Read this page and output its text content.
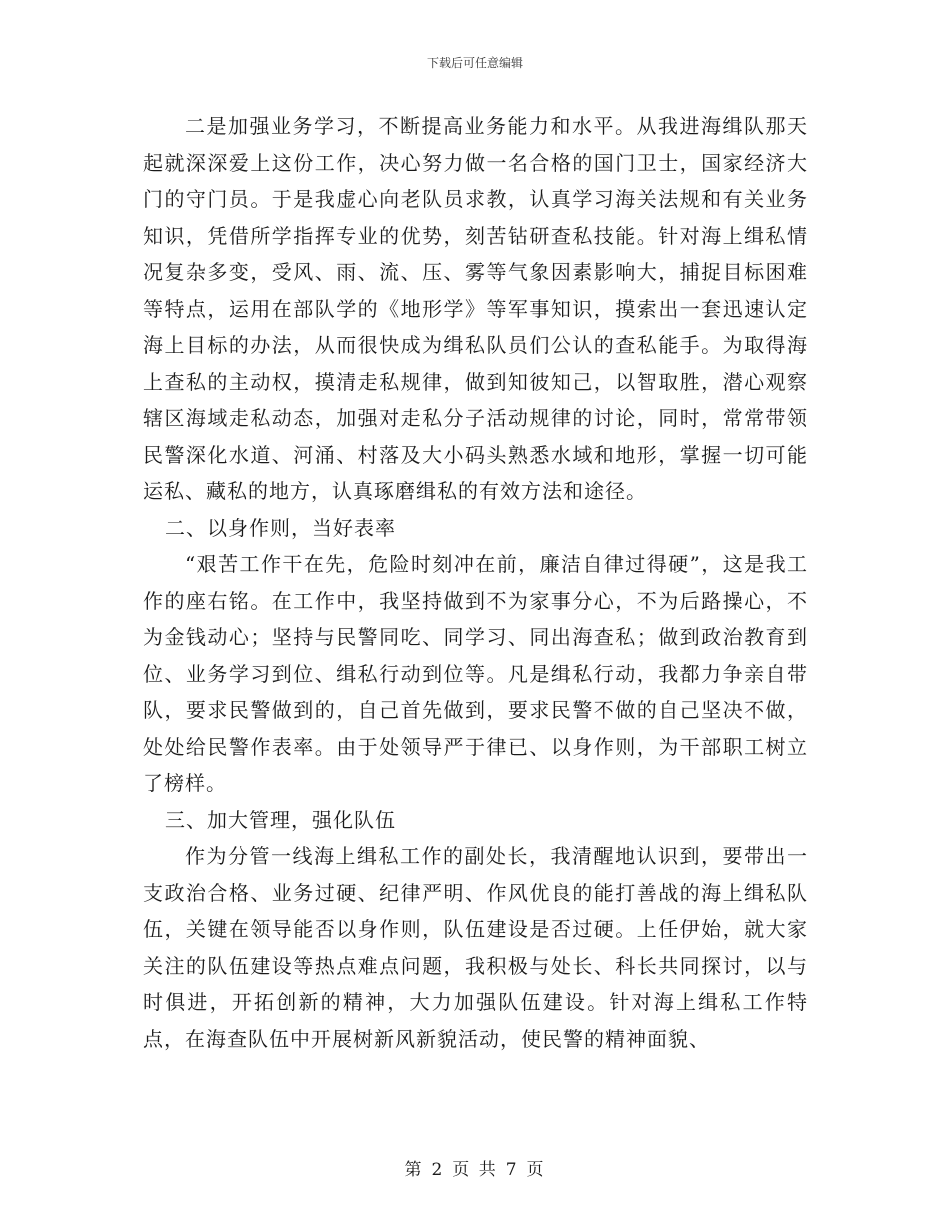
下载后可任意编辑

二是加强业务学习，不断提高业务能力和水平。从我进海缉队那天起就深深爱上这份工作，决心努力做一名合格的国门卫士，国家经济大门的守门员。于是我虚心向老队员求教，认真学习海关法规和有关业务知识，凭借所学指挥专业的优势，刻苦钻研查私技能。针对海上缉私情况复杂多变，受风、雨、流、压、雾等气象因素影响大，捕捉目标困难等特点，运用在部队学的《地形学》等军事知识，摸索出一套迅速认定海上目标的办法，从而很快成为缉私队员们公认的查私能手。为取得海上查私的主动权，摸清走私规律，做到知彼知己，以智取胜，潜心观察辖区海域走私动态，加强对走私分子活动规律的讨论，同时，常常带领民警深化水道、河涌、村落及大小码头熟悉水域和地形，掌握一切可能运私、藏私的地方，认真琢磨缉私的有效方法和途径。

二、以身作则，当好表率

“艰苦工作干在先，危险时刻冲在前，廉洁自律过得硬”，这是我工作的座右铭。在工作中，我坚持做到不为家事分心，不为后路操心，不为金钱动心；坚持与民警同吃、同学习、同出海查私；做到政治教育到位、业务学习到位、缉私行动到位等。凡是缉私行动，我都力争亲自带队，要求民警做到的，自己首先做到，要求民警不做的自己坚决不做，处处给民警作表率。由于处领导严于律已、以身作则，为干部职工树立了榜样。

三、加大管理，强化队伍

作为分管一线海上缉私工作的副处长，我清醒地认识到，要带出一支政治合格、业务过硬、纪律严明、作风优良的能打善战的海上缉私队伍，关键在领导能否以身作则，队伍建设是否过硬。上任伊始，就大家关注的队伍建设等热点难点问题，我积极与处长、科长共同探讨，以与时俱进，开拓创新的精神，大力加强队伍建设。针对海上缉私工作特点，在海查队伍中开展树新风新貌活动，使民警的精神面貌、

第 2 页 共 7 页
